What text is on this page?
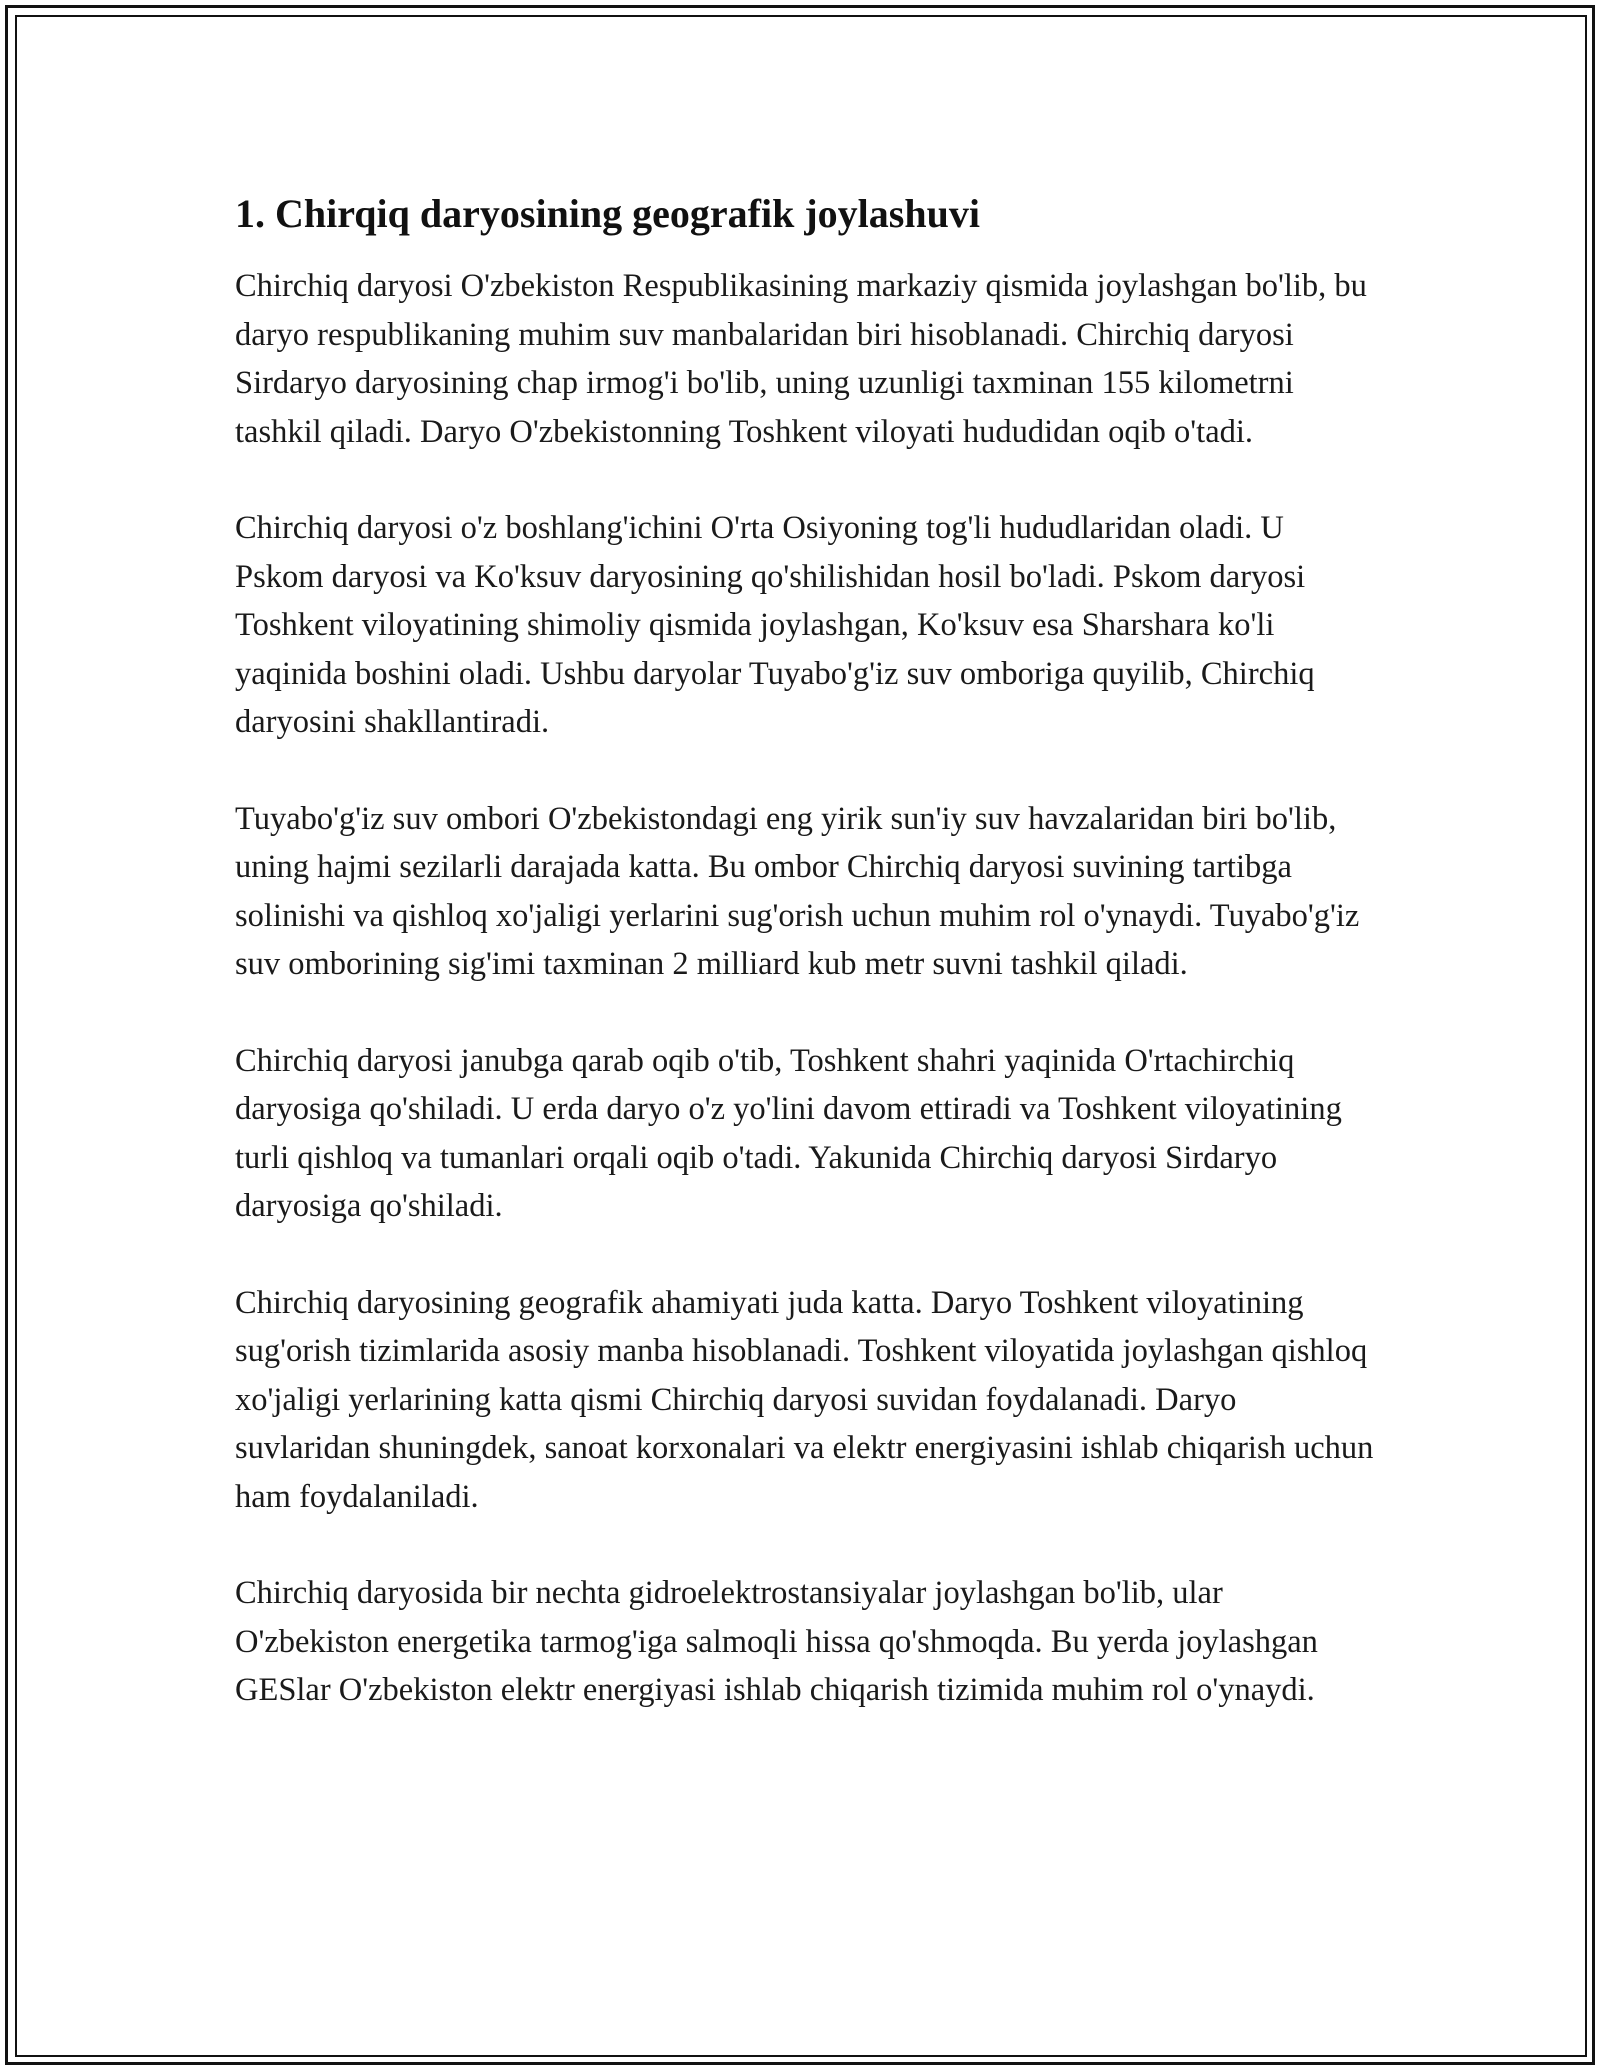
1. Chirqiq daryosining geografik joylashuvi

Chirchiq daryosi O'zbekiston Respublikasining markaziy qismida joylashgan bo'lib, bu daryo respublikaning muhim suv manbalaridan biri hisoblanadi. Chirchiq daryosi Sirdaryo daryosining chap irmog'i bo'lib, uning uzunligi taxminan 155 kilometrni tashkil qiladi. Daryo O'zbekistonning Toshkent viloyati hududidan oqib o'tadi.

Chirchiq daryosi o'z boshlang'ichini O'rta Osiyoning tog'li hududlaridan oladi. U Pskom daryosi va Ko'ksuv daryosining qo'shilishidan hosil bo'ladi. Pskom daryosi Toshkent viloyatining shimoliy qismida joylashgan, Ko'ksuv esa Sharshara ko'li yaqinida boshini oladi. Ushbu daryolar Tuyabo'g'iz suv omboriga quyilib, Chirchiq daryosini shakllantiradi.

Tuyabo'g'iz suv ombori O'zbekistondagi eng yirik sun'iy suv havzalaridan biri bo'lib, uning hajmi sezilarli darajada katta. Bu ombor Chirchiq daryosi suvining tartibga solinishi va qishloq xo'jaligi yerlarini sug'orish uchun muhim rol o'ynaydi. Tuyabo'g'iz suv omborining sig'imi taxminan 2 milliard kub metr suvni tashkil qiladi.

Chirchiq daryosi janubga qarab oqib o'tib, Toshkent shahri yaqinida O'rtachirchiq daryosiga qo'shiladi. U erda daryo o'z yo'lini davom ettiradi va Toshkent viloyatining turli qishloq va tumanlari orqali oqib o'tadi. Yakunida Chirchiq daryosi Sirdaryo daryosiga qo'shiladi.

Chirchiq daryosining geografik ahamiyati juda katta. Daryo Toshkent viloyatining sug'orish tizimlarida asosiy manba hisoblanadi. Toshkent viloyatida joylashgan qishloq xo'jaligi yerlarining katta qismi Chirchiq daryosi suvidan foydalanadi. Daryo suvlaridan shuningdek, sanoat korxonalari va elektr energiyasini ishlab chiqarish uchun ham foydalaniladi.

Chirchiq daryosida bir nechta gidroelektrostansiyalar joylashgan bo'lib, ular O'zbekiston energetika tarmog'iga salmoqli hissa qo'shmoqda. Bu yerda joylashgan GESlar O'zbekiston elektr energiyasi ishlab chiqarish tizimida muhim rol o'ynaydi.
